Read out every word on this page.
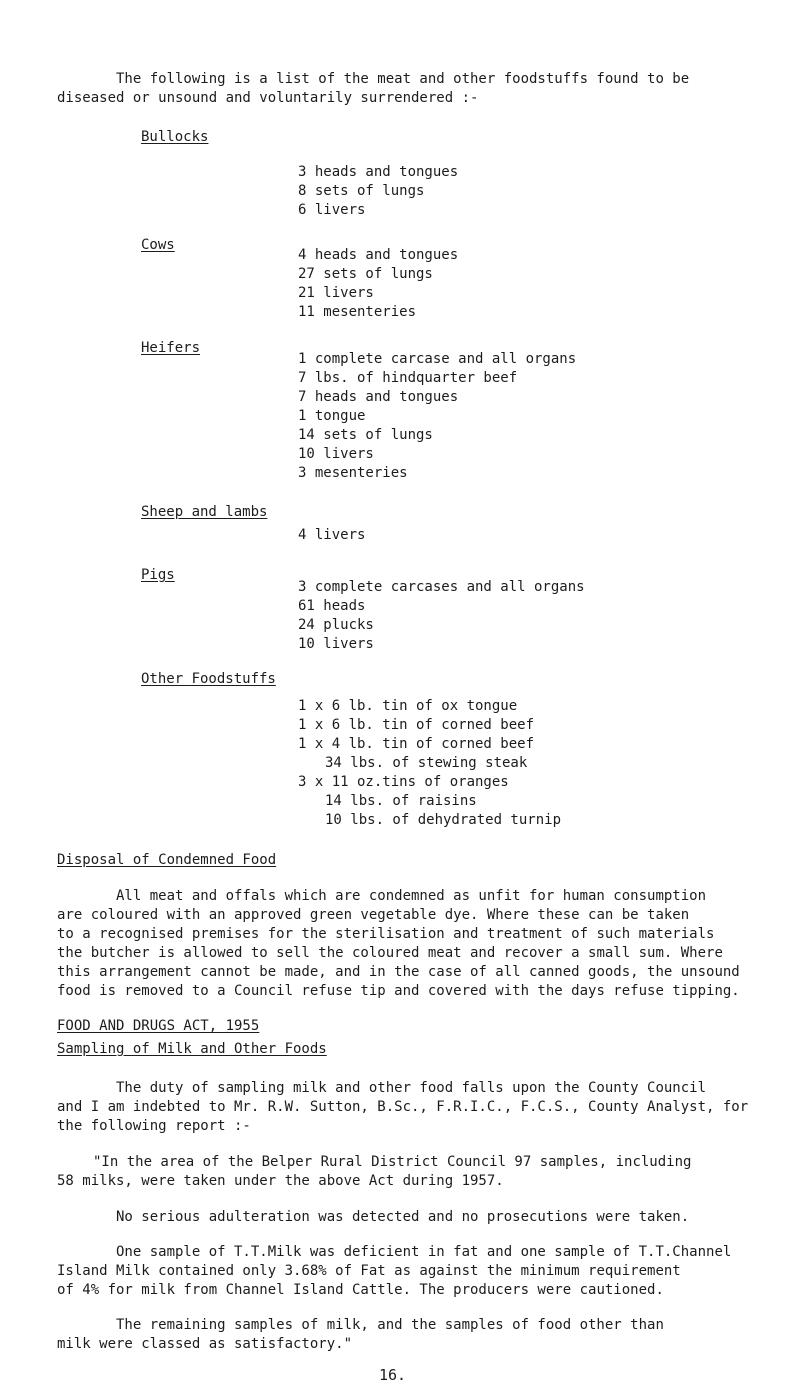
The following is a list of the meat and other foodstuffs found to be
diseased or unsound and voluntarily surrendered :-
Bullocks
3 heads and tongues
8 sets of lungs
6 livers
Cows
4 heads and tongues
27 sets of lungs
21 livers
11 mesenteries
Heifers
1 complete carcase and all organs
7 lbs. of hindquarter beef
7 heads and tongues
1 tongue
14 sets of lungs
10 livers
3 mesenteries
Sheep and lambs
4 livers
Pigs
3 complete carcases and all organs
61 heads
24 plucks
10 livers
Other Foodstuffs
1 x 6 lb. tin of ox tongue
1 x 6 lb. tin of corned beef
1 x 4 lb. tin of corned beef
34 lbs. of stewing steak
3 x 11 oz.tins of oranges
14 lbs. of raisins
10 lbs. of dehydrated turnip
Disposal of Condemned Food
All meat and offals which are condemned as unfit for human consumption
are coloured with an approved green vegetable dye. Where these can be taken
to a recognised premises for the sterilisation and treatment of such materials
the butcher is allowed to sell the coloured meat and recover a small sum. Where
this arrangement cannot be made, and in the case of all canned goods, the unsound
food is removed to a Council refuse tip and covered with the days refuse tipping.
FOOD AND DRUGS ACT, 1955
Sampling of Milk and Other Foods
The duty of sampling milk and other food falls upon the County Council
and I am indebted to Mr. R.W. Sutton, B.Sc., F.R.I.C., F.C.S., County Analyst, for
the following report :-
"In the area of the Belper Rural District Council 97 samples, including
58 milks, were taken under the above Act during 1957.
No serious adulteration was detected and no prosecutions were taken.
One sample of T.T.Milk was deficient in fat and one sample of T.T.Channel
Island Milk contained only 3.68% of Fat as against the minimum requirement
of 4% for milk from Channel Island Cattle. The producers were cautioned.
The remaining samples of milk, and the samples of food other than
milk were classed as satisfactory."
16.
